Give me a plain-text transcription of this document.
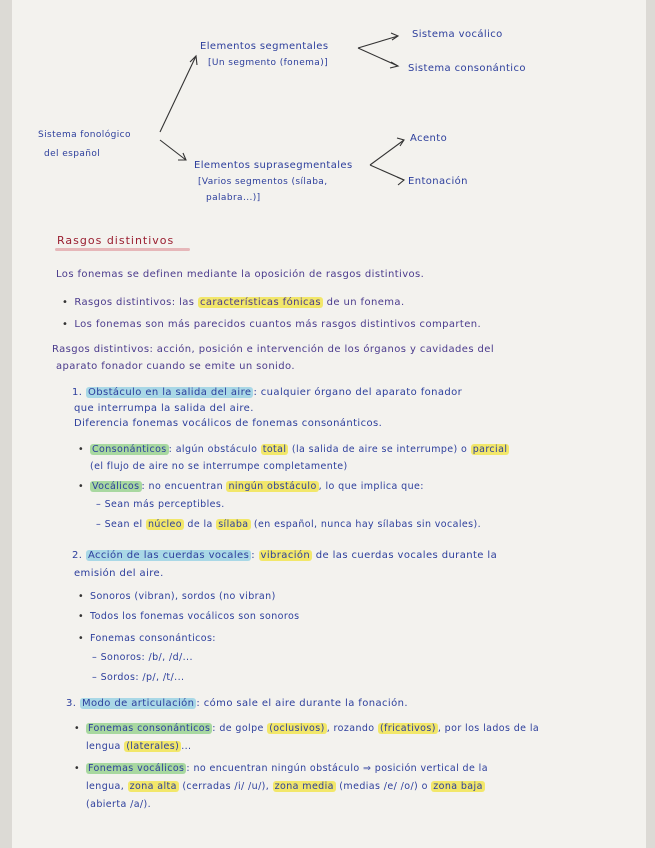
Sistema fonológico
del español
Elementos segmentales
[Un segmento (fonema)]
Elementos suprasegmentales
[Varios segmentos (sílaba,
palabra...)]
Sistema vocálico
Sistema consonántico
Acento
Entonación
Rasgos distintivos
Los fonemas se definen mediante la oposición de rasgos distintivos.
• Rasgos distintivos: las características fónicas de un fonema.
• Los fonemas son más parecidos cuantos más rasgos distintivos comparten.
Rasgos distintivos: acción, posición e intervención de los órganos y cavidades del
aparato fonador cuando se emite un sonido.
1. Obstáculo en la salida del aire : cualquier órgano del aparato fonador
que interrumpa la salida del aire.
Diferencia fonemas vocálicos de fonemas consonánticos.
• Consonánticos : algún obstáculo total (la salida de aire se interrumpe) o parcial
(el flujo de aire no se interrumpe completamente)
• Vocálicos : no encuentran ningún obstáculo , lo que implica que:
– Sean más perceptibles.
– Sean el núcleo de la sílaba (en español, nunca hay sílabas sin vocales).
2. Acción de las cuerdas vocales : vibración de las cuerdas vocales durante la
emisión del aire.
• Sonoros (vibran), sordos (no vibran)
• Todos los fonemas vocálicos son sonoros
• Fonemas consonánticos:
– Sonoros: /b/, /d/...
– Sordos: /p/, /t/...
3. Modo de articulación : cómo sale el aire durante la fonación.
• Fonemas consonánticos : de golpe (oclusivos) , rozando (fricativos) , por los lados de la
lengua (laterales) ...
• Fonemas vocálicos : no encuentran ningún obstáculo ⇒ posición vertical de la
lengua, zona alta (cerradas /i/ /u/), zona media (medias /e/ /o/) o zona baja
(abierta /a/).
